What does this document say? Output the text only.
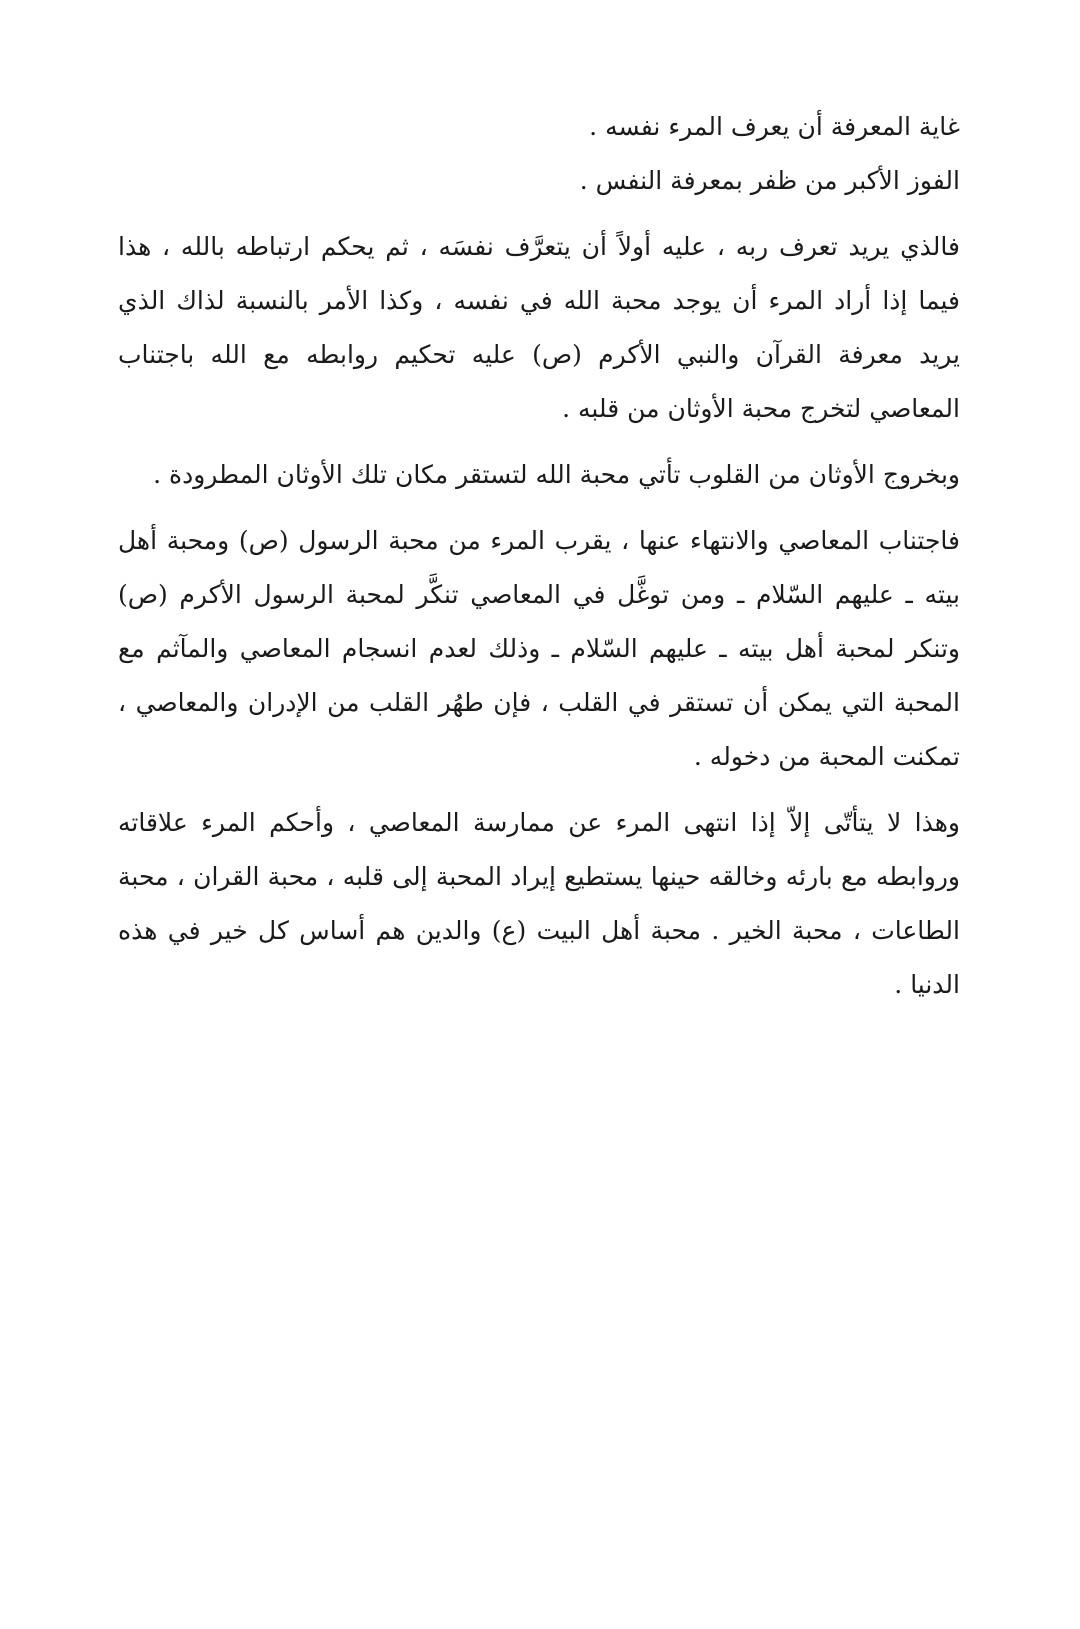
غاية المعرفة أن يعرف المرء نفسه .
الفوز الأكبر من ظفر بمعرفة النفس .

فالذي يريد تعرف ربه ، عليه أولاً أن يتعرَّف نفسَه ، ثم يحكم ارتباطه بالله ، هذا فيما إذا أراد المرء أن يوجد محبة الله في نفسه ، وكذا الأمر بالنسبة لذاك الذي يريد معرفة القرآن والنبي الأكرم (ص) عليه تحكيم روابطه مع الله باجتناب المعاصي لتخرج محبة الأوثان من قلبه .

وبخروج الأوثان من القلوب تأتي محبة الله لتستقر مكان تلك الأوثان المطرودة .

فاجتناب المعاصي والانتهاء عنها ، يقرب المرء من محبة الرسول (ص) ومحبة أهل بيته ـ عليهم السّلام ـ ومن توغَّل في المعاصي تنكَّر لمحبة الرسول الأكرم (ص) وتنكر لمحبة أهل بيته ـ عليهم السّلام ـ وذلك لعدم انسجام المعاصي والمآثم مع المحبة التي يمكن أن تستقر في القلب ، فإن طهُر القلب من الإدران والمعاصي ، تمكنت المحبة من دخوله .

وهذا لا يتأتّى إلاّ إذا انتهى المرء عن ممارسة المعاصي ، وأحكم المرء علاقاته وروابطه مع بارئه وخالقه حينها يستطيع إيراد المحبة إلى قلبه ، محبة القران ، محبة الطاعات ، محبة الخير . محبة أهل البيت (ع) والدين هم أساس كل خير في هذه الدنيا .
